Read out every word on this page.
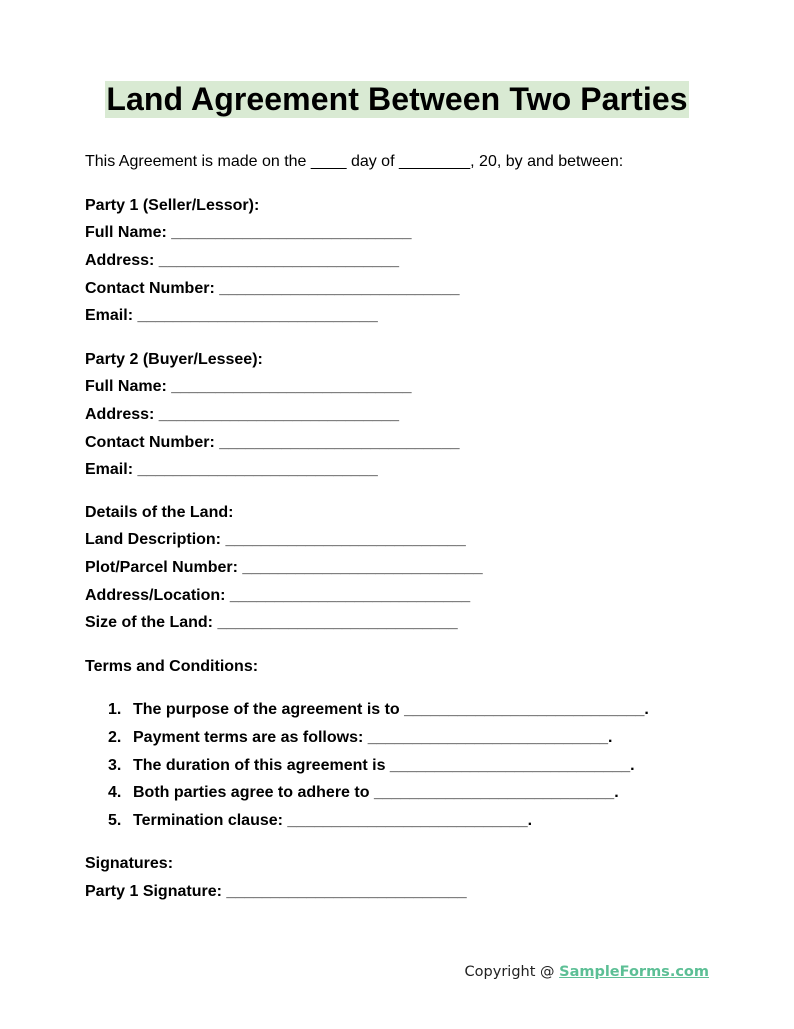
Land Agreement Between Two Parties
This Agreement is made on the ____ day of ________, 20, by and between:
Party 1 (Seller/Lessor):
Full Name: ___________________________
Address: ___________________________
Contact Number: ___________________________
Email: ___________________________
Party 2 (Buyer/Lessee):
Full Name: ___________________________
Address: ___________________________
Contact Number: ___________________________
Email: ___________________________
Details of the Land:
Land Description: ___________________________
Plot/Parcel Number: ___________________________
Address/Location: ___________________________
Size of the Land: ___________________________
Terms and Conditions:
1. The purpose of the agreement is to ___________________________.
2. Payment terms are as follows: ___________________________.
3. The duration of this agreement is ___________________________.
4. Both parties agree to adhere to ___________________________.
5. Termination clause: ___________________________.
Signatures:
Party 1 Signature: ___________________________
Copyright @ SampleForms.com
